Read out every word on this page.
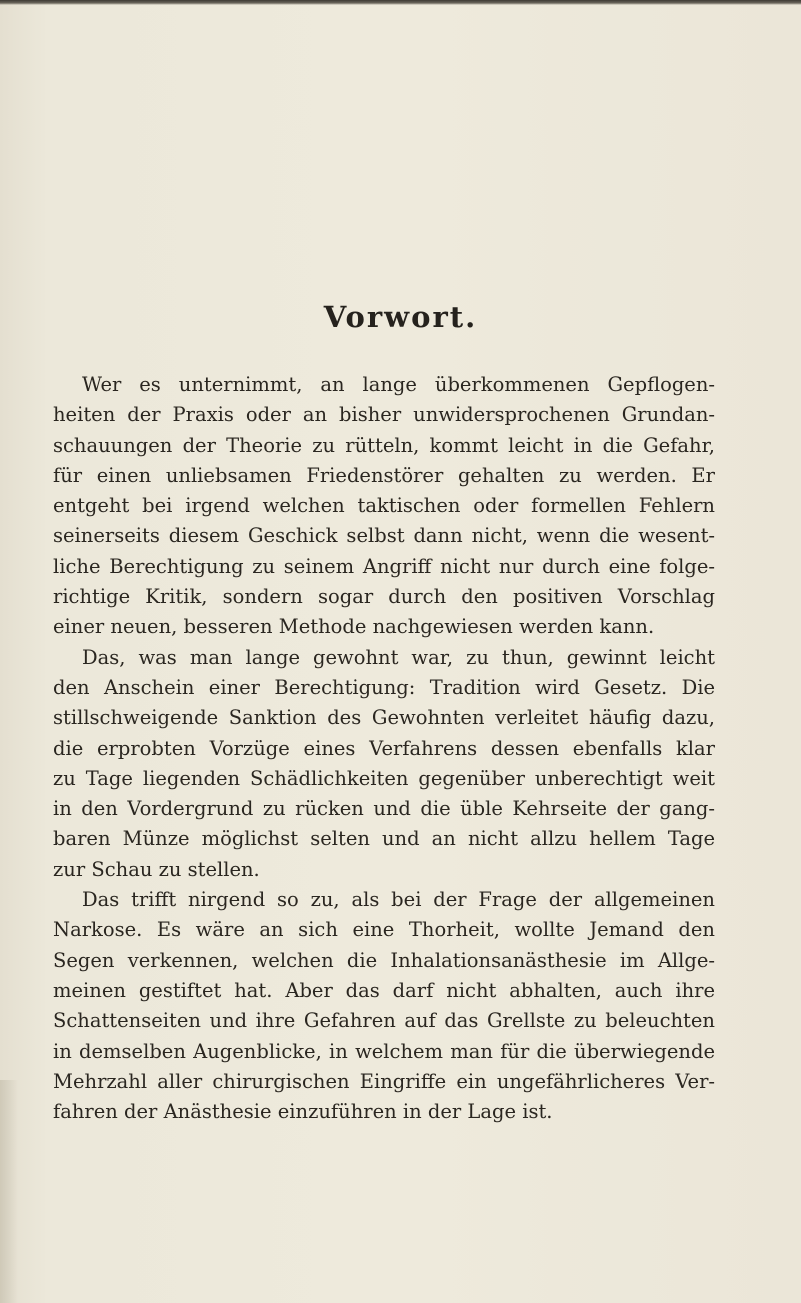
Vorwort.
Wer es unternimmt, an lange überkommenen Gepflogen-
heiten der Praxis oder an bisher unwidersprochenen Grundan-
schauungen der Theorie zu rütteln, kommt leicht in die Gefahr,
für einen unliebsamen Friedenstörer gehalten zu werden. Er
entgeht bei irgend welchen taktischen oder formellen Fehlern
seinerseits diesem Geschick selbst dann nicht, wenn die wesent-
liche Berechtigung zu seinem Angriff nicht nur durch eine folge-
richtige Kritik, sondern sogar durch den positiven Vorschlag
einer neuen, besseren Methode nachgewiesen werden kann.
Das, was man lange gewohnt war, zu thun, gewinnt leicht
den Anschein einer Berechtigung: Tradition wird Gesetz. Die
stillschweigende Sanktion des Gewohnten verleitet häufig dazu,
die erprobten Vorzüge eines Verfahrens dessen ebenfalls klar
zu Tage liegenden Schädlichkeiten gegenüber unberechtigt weit
in den Vordergrund zu rücken und die üble Kehrseite der gang-
baren Münze möglichst selten und an nicht allzu hellem Tage
zur Schau zu stellen.
Das trifft nirgend so zu, als bei der Frage der allgemeinen
Narkose. Es wäre an sich eine Thorheit, wollte Jemand den
Segen verkennen, welchen die Inhalationsanästhesie im Allge-
meinen gestiftet hat. Aber das darf nicht abhalten, auch ihre
Schattenseiten und ihre Gefahren auf das Grellste zu beleuchten
in demselben Augenblicke, in welchem man für die überwiegende
Mehrzahl aller chirurgischen Eingriffe ein ungefährlicheres Ver-
fahren der Anästhesie einzuführen in der Lage ist.
